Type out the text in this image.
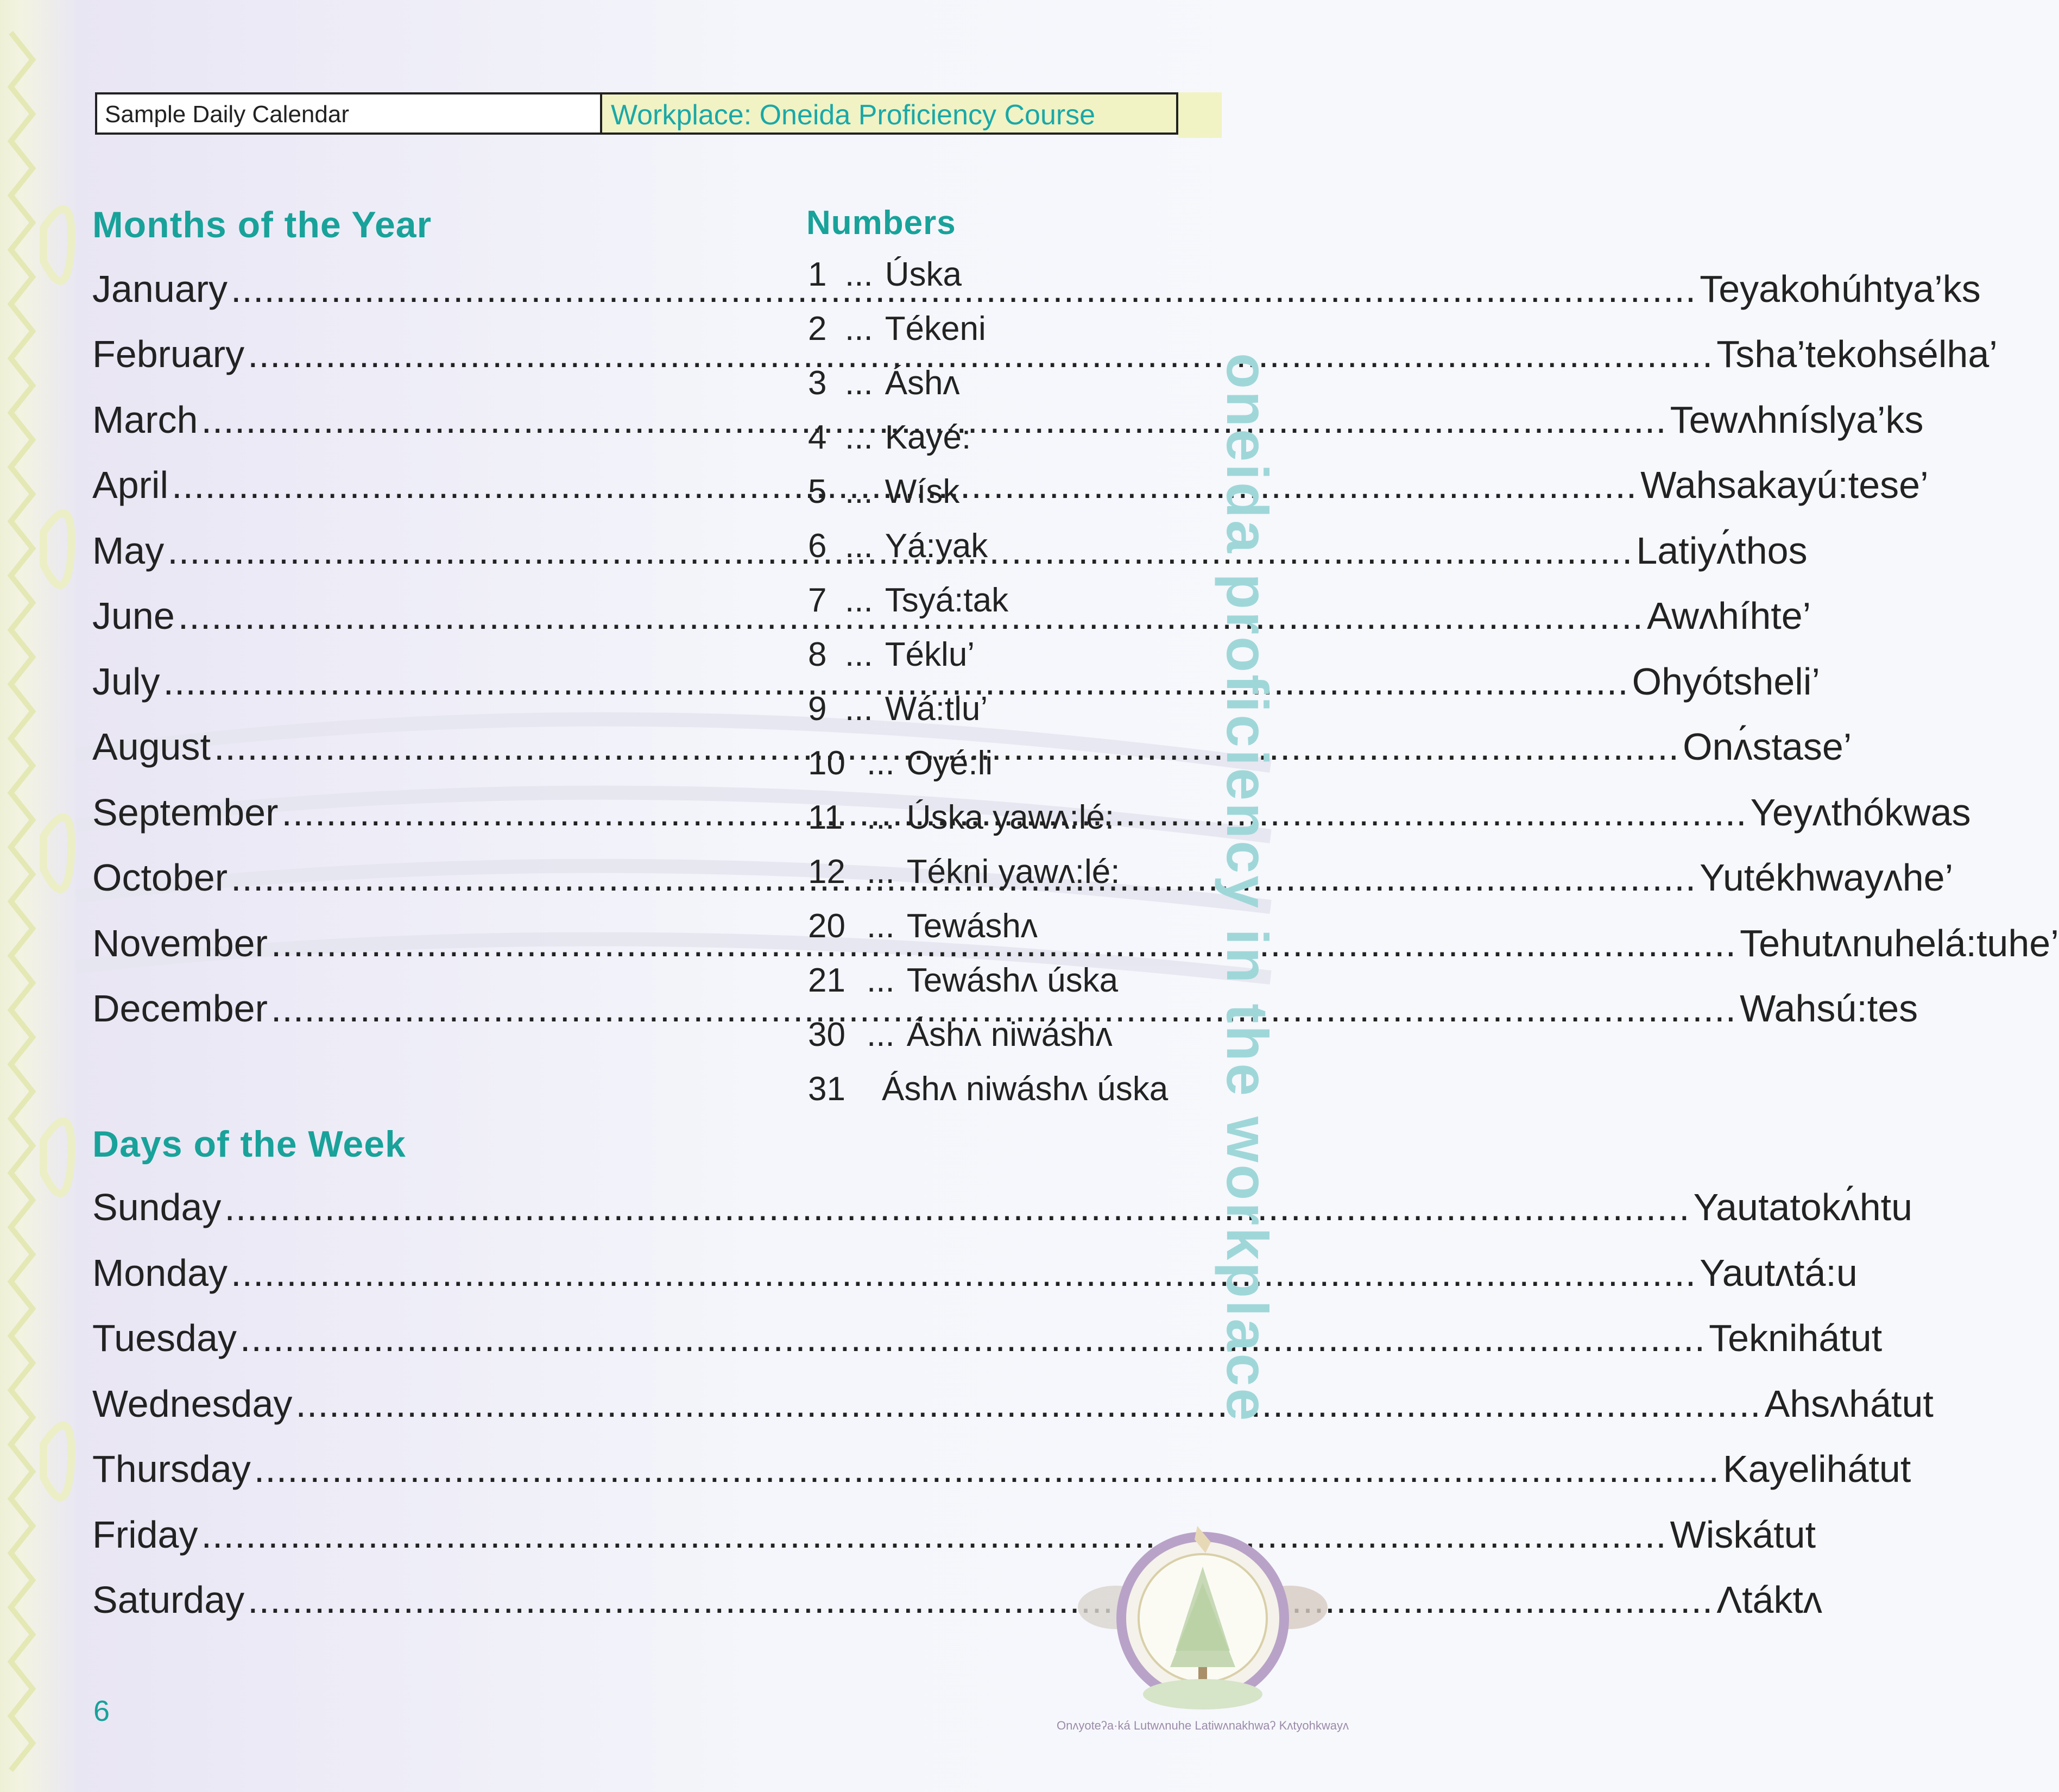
Sample Daily Calendar	Workplace: Oneida Proficiency Course
Months of the Year
January .....	Teyakohúhtya’ks
February .....	Tsha’tekohsélha’
March .....	Tewʌhníslya’ks
April .....	Wahsakayú:tese’
May .....	Latiyʌ́thos
June .....	Awʌhíhte’
July .....	Ohyótsheli’
August .....	Onʌ́stase’
September .....	Yeyʌthókwas
October .....	Yutékhwayʌhe’
November .....	Tehutʌnuhelá:tuhe’
December .....	Wahsú:tes
Days of the Week
Sunday .....	Yautatokʌ́htu
Monday .....	Yautʌtá:u
Tuesday .....	Teknihátut
Wednesday .....	Ahsʌhátut
Thursday .....	Kayelihátut
Friday .....	Wiskátut
Saturday .....	Ʌtáktʌ
Numbers
1 ... Úska
2 ... Tékeni
3 ... Áshʌ
4 ... Kayé:
5 ... Wísk
6 ... Yá:yak
7 ... Tsyá:tak
8 ... Téklu’
9 ... Wá:tlu’
10 ... Oyé:li
11 ... Úska yawʌ:lé:
12 ... Tékni yawʌ:lé:
20 ... Tewáshʌ
21 ... Tewáshʌ úska
30 ... Áshʌ niwáshʌ
31	Áshʌ niwáshʌ úska oneida proficiency in the workplace
6	Onʌyoteʔa·ká Lutwʌnuhe Latiwʌnakhwaʔ Kʌtyohkwayʌ
